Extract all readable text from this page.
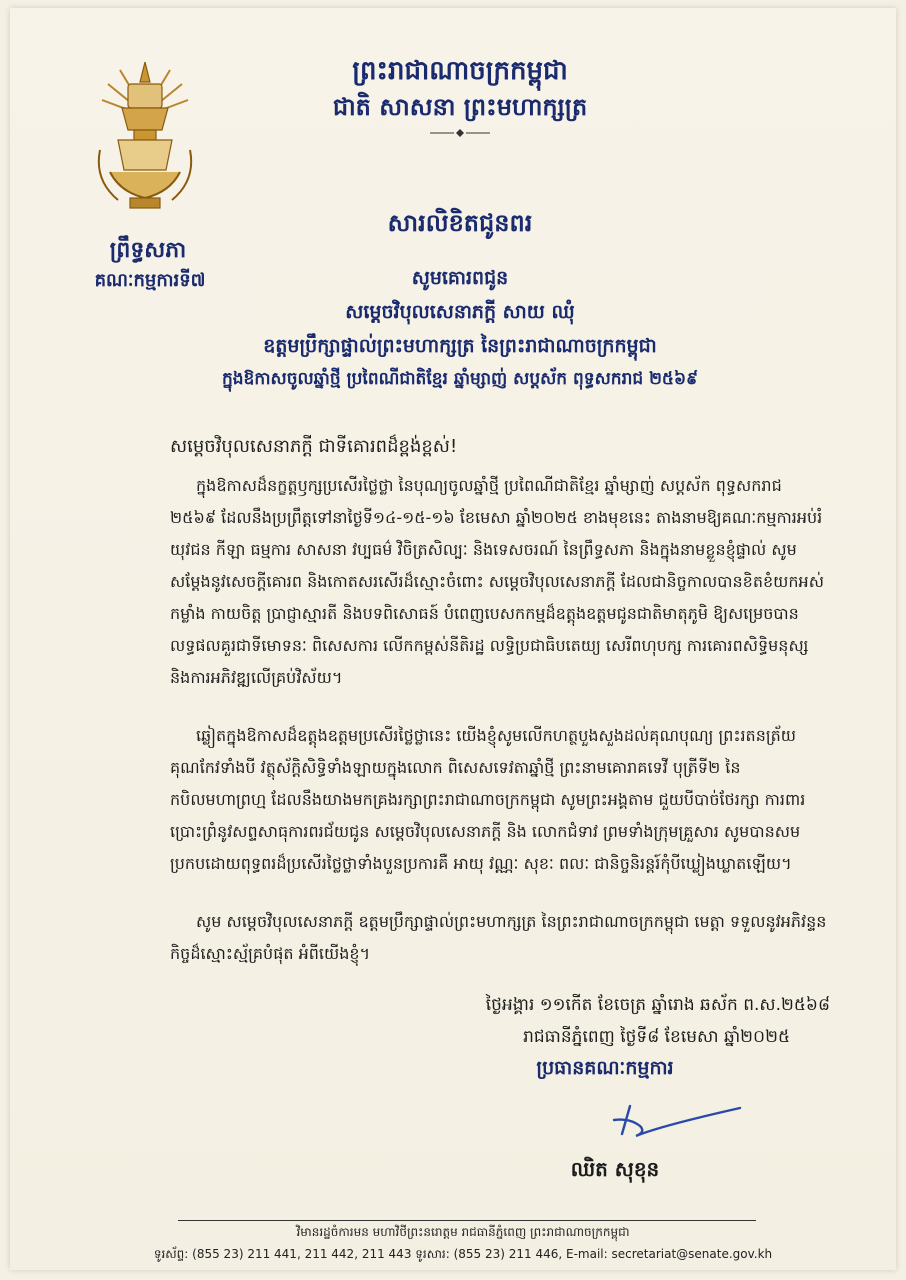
ព្រឹទ្ធសភា
គណៈកម្មការទី៧
ព្រះរាជាណាចក្រកម្ពុជា
ជាតិ សាសនា ព្រះមហាក្សត្រ
សារលិខិតជូនពរ
សូមគោរពជូន
សម្តេចវិបុលសេនាភក្តី សាយ ឈុំ
ឧត្តមប្រឹក្សាផ្ទាល់ព្រះមហាក្សត្រ នៃព្រះរាជាណាចក្រកម្ពុជា
ក្នុងឱកាសចូលឆ្នាំថ្មី ប្រពៃណីជាតិខ្មែរ ឆ្នាំម្សាញ់ សប្តស័ក ពុទ្ធសករាជ ២៥៦៩
សម្តេចវិបុលសេនាភក្តី ជាទីគោរពដ៏ខ្ពង់ខ្ពស់!
ក្នុងឱកាសដ៏នក្ខត្តឫក្សប្រសើរថ្លៃថ្លា នៃបុណ្យចូលឆ្នាំថ្មី ប្រពៃណីជាតិខ្មែរ ឆ្នាំម្សាញ់ សប្តស័ក ពុទ្ធសករាជ ២៥៦៩ ដែលនឹងប្រព្រឹត្តទៅនាថ្ងៃទី១៤-១៥-១៦ ខែមេសា ឆ្នាំ២០២៥ ខាងមុខនេះ តាងនាមឱ្យគណៈកម្មការអប់រំ យុវជន កីឡា ធម្មការ សាសនា វប្បធម៌ វិចិត្រសិល្បៈ និងទេសចរណ៍ នៃព្រឹទ្ធសភា និងក្នុងនាមខ្លួនខ្ញុំផ្ទាល់ សូមសម្តែងនូវសេចក្តីគោរព និងកោតសរសើរដ៏ស្មោះចំពោះ សម្តេចវិបុលសេនាភក្តី ដែលជានិច្ចកាលបានខិតខំយកអស់កម្លាំង កាយចិត្ត ប្រាជ្ញាស្មារតី និងបទពិសោធន៍ បំពេញបេសកកម្មដ៏ឧត្តុងឧត្តមជូនជាតិមាតុភូមិ ឱ្យសម្រេចបានលទ្ធផលគួរជាទីមោទនៈ ពិសេសការ លើកកម្ពស់នីតិរដ្ឋ លទ្ធិប្រជាធិបតេយ្យ សេរីពហុបក្ស ការគោរពសិទ្ធិមនុស្ស និងការអភិវឌ្ឍលើគ្រប់វិស័យ។
ឆ្លៀតក្នុងឱកាសដ៏ឧត្តុងឧត្តមប្រសើរថ្លៃថ្លានេះ យើងខ្ញុំសូមលើកហត្ថបួងសួងដល់គុណបុណ្យ ព្រះរតនត្រ័យគុណកែវទាំងបី វត្ថុស័ក្តិសិទ្ធិទាំងឡាយក្នុងលោក ពិសេសទេវតាឆ្នាំថ្មី ព្រះនាមគោរាគទេវី បុត្រីទី២ នៃកបិលមហាព្រហ្ម ដែលនឹងយាងមកគ្រងរក្សាព្រះរាជាណាចក្រកម្ពុជា សូមព្រះអង្គតាម ជួយបីបាច់ថែរក្សា ការពារ ប្រោះព្រំនូវសព្ទសាធុការពរជ័យជូន សម្តេចវិបុលសេនាភក្តី និង លោកជំទាវ ព្រមទាំងក្រុមគ្រួសារ សូមបានសមប្រកបដោយពុទ្ធពរដ៏ប្រសើរថ្លៃថ្លាទាំងបួនប្រការគឺ អាយុ វណ្ណៈ សុខៈ ពលៈ ជានិច្ចនិរន្តរ៍កុំបីឃ្លៀងឃ្លាតឡើយ។
សូម សម្តេចវិបុលសេនាភក្តី ឧត្តមប្រឹក្សាផ្ទាល់ព្រះមហាក្សត្រ នៃព្រះរាជាណាចក្រកម្ពុជា មេត្តា ទទួលនូវអភិវន្ទនកិច្ចដ៏ស្មោះស្ម័គ្របំផុត អំពីយើងខ្ញុំ។
ថ្ងៃអង្គារ ១១កើត ខែចេត្រ ឆ្នាំរោង ឆស័ក ព.ស.២៥៦៨
រាជធានីភ្នំពេញ ថ្ងៃទី៨ ខែមេសា ឆ្នាំ២០២៥
ប្រធានគណៈកម្មការ
ឈិត សុខុន
វិមានរដ្ឋចំការមន មហាវិថីព្រះនរោត្តម រាជធានីភ្នំពេញ ព្រះរាជាណាចក្រកម្ពុជា
ទូរស័ព្ទ: (855 23) 211 441, 211 442, 211 443 ទូរសារ: (855 23) 211 446, E-mail: secretariat@senate.gov.kh
